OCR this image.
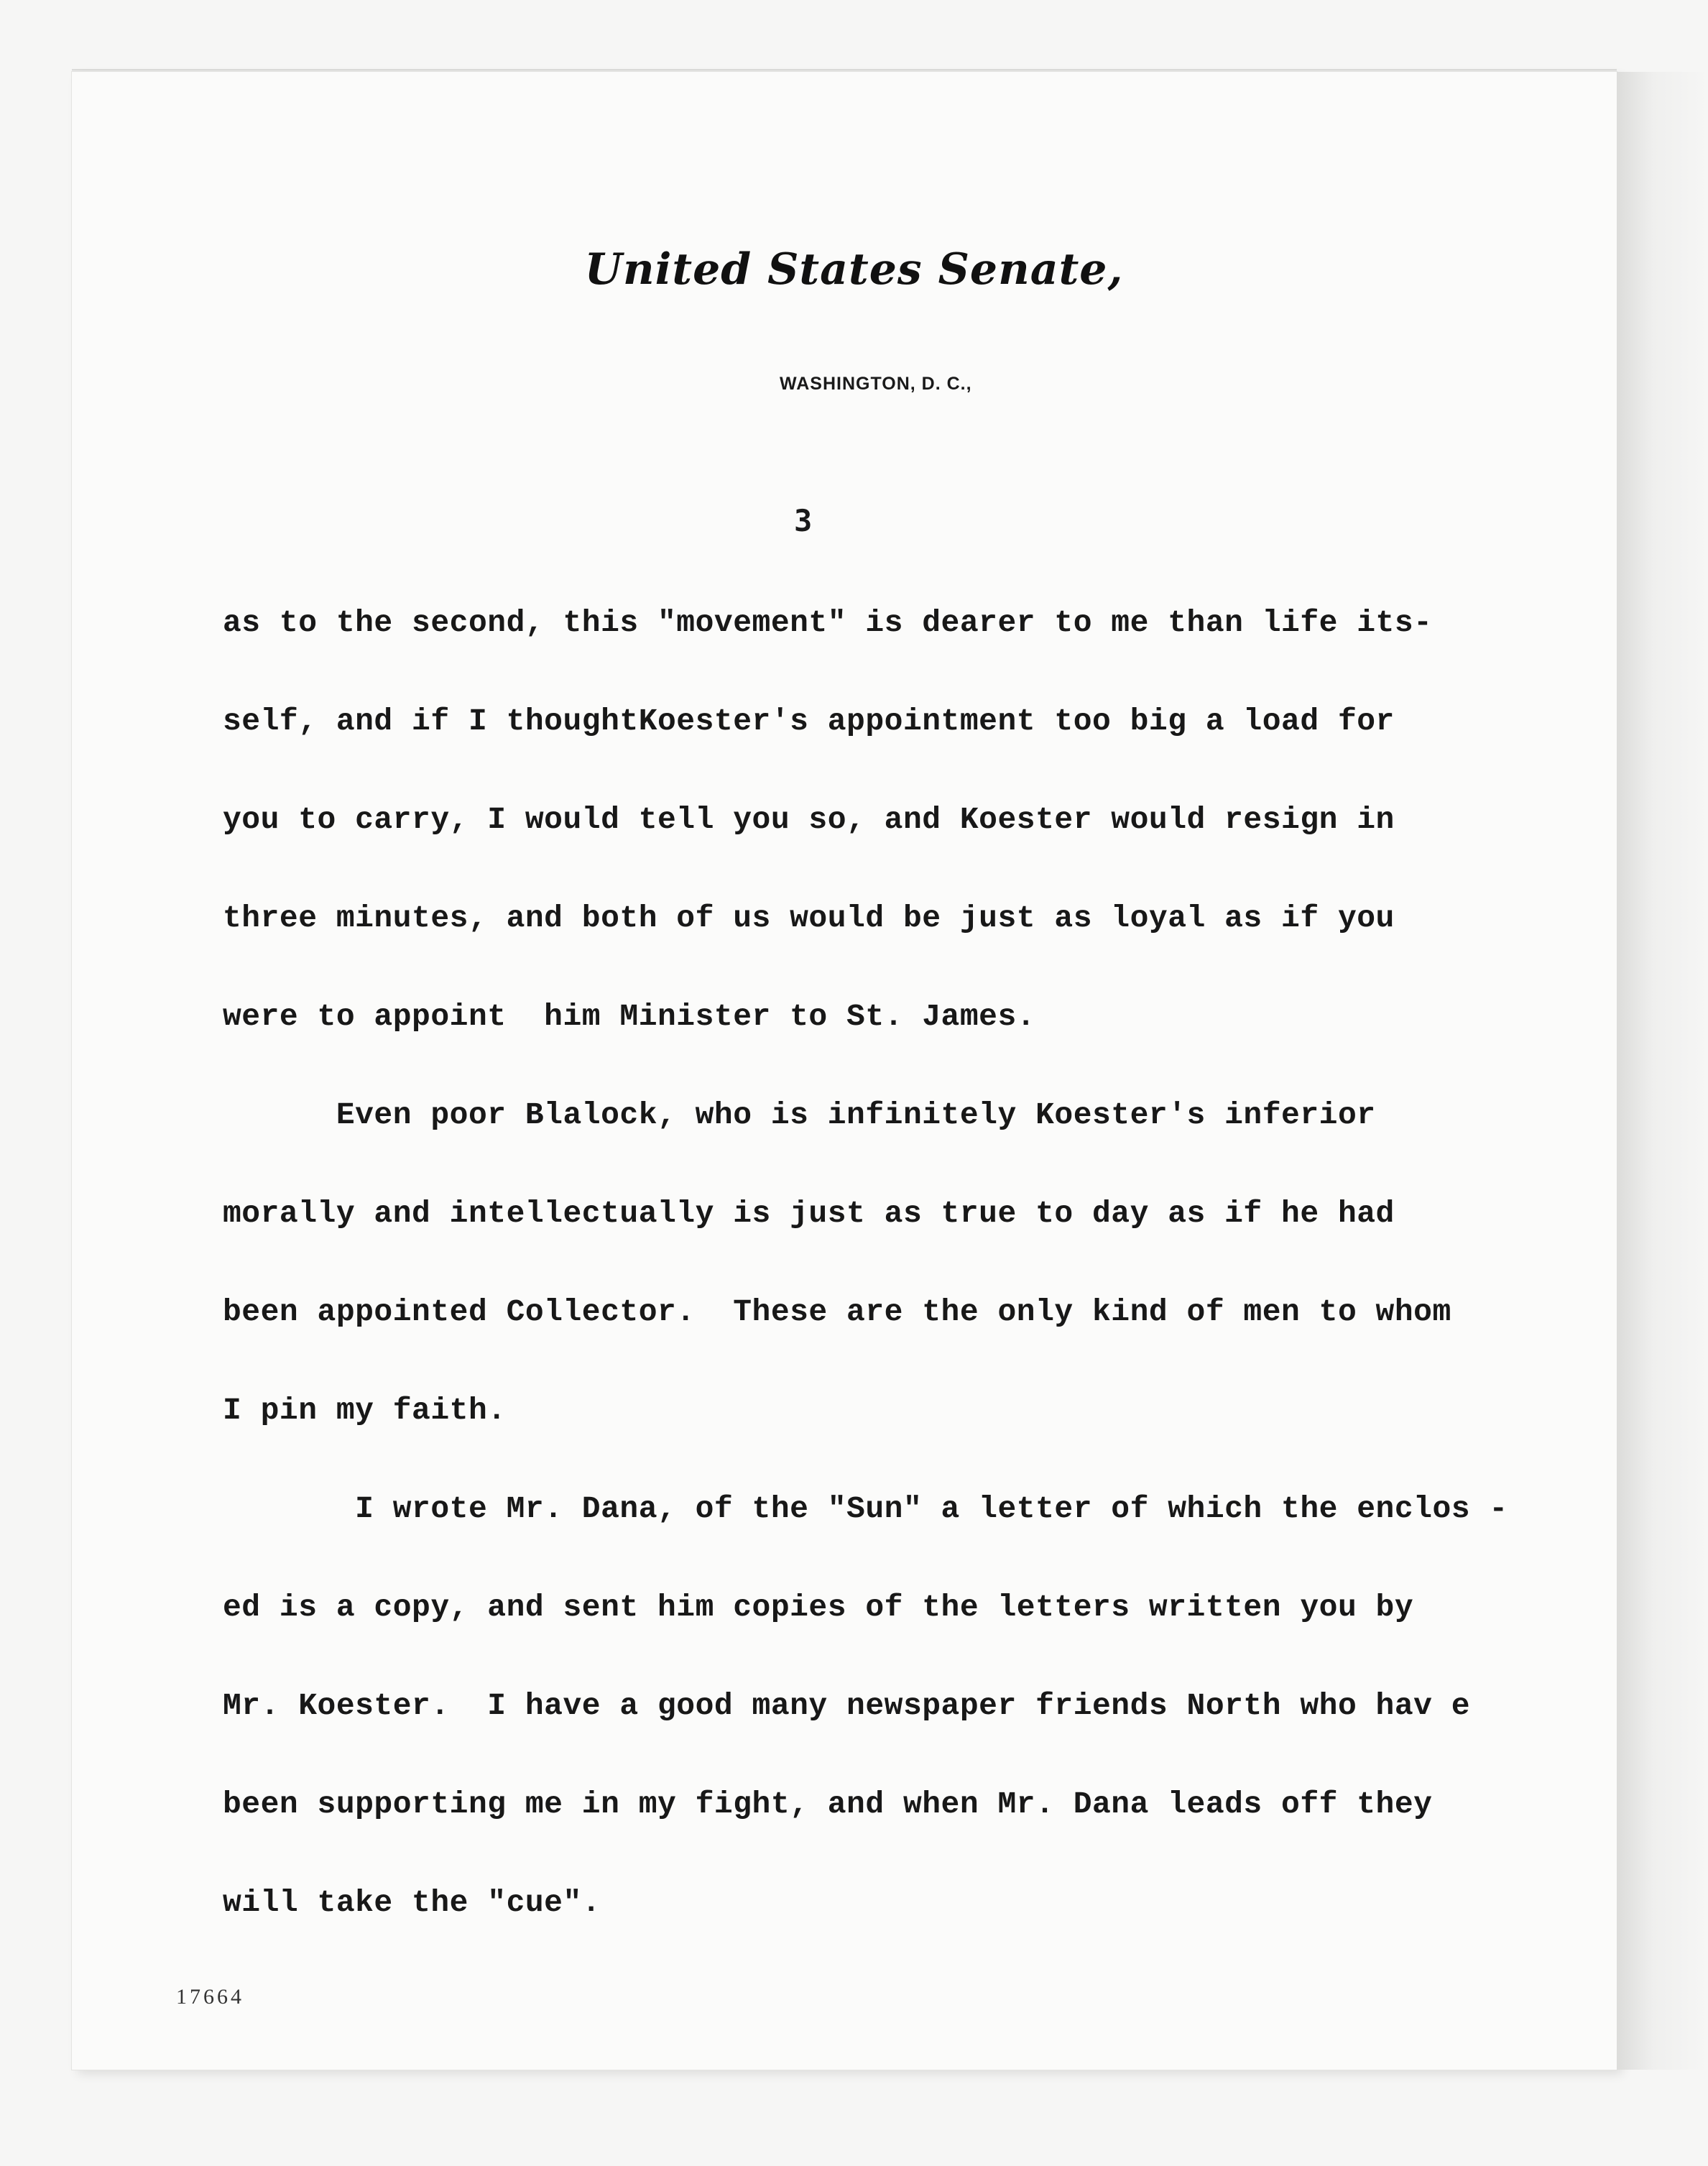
United States Senate,
WASHINGTON, D. C.,
3
as to the second, this "movement" is dearer to me than life its-
self, and if I thoughtKoester's appointment too big a load for
you to carry, I would tell you so, and Koester would resign in
three minutes, and both of us would be just as loyal as if you
were to appoint  him Minister to St. James.
Even poor Blalock, who is infinitely Koester's inferior
morally and intellectually is just as true to day as if he had
been appointed Collector.  These are the only kind of men to whom
I pin my faith.
I wrote Mr. Dana, of the "Sun" a letter of which the enclos -
ed is a copy, and sent him copies of the letters written you by
Mr. Koester.  I have a good many newspaper friends North who hav e
been supporting me in my fight, and when Mr. Dana leads off they
will take the "cue".
17664
